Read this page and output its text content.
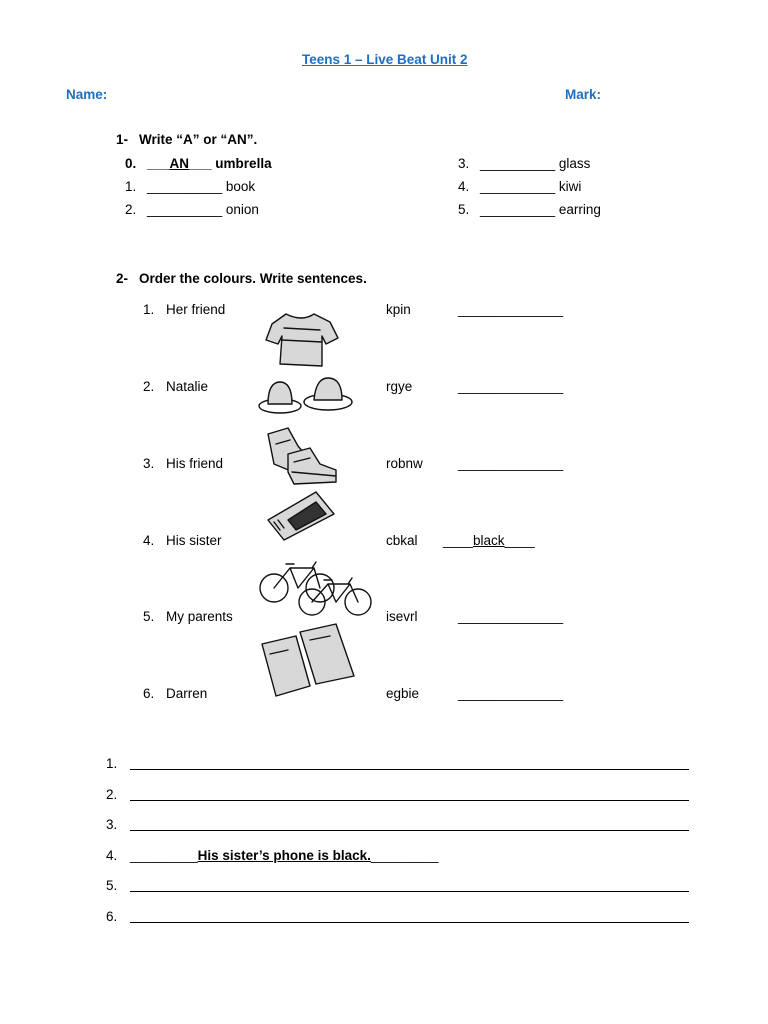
Teens 1 – Live Beat Unit 2
Name:	Mark:
1- Write “A” or “AN”.
0. ___AN___ umbrella
1. __________ book
2. __________ onion
3. __________ glass
4. __________ kiwi
5. __________ earring
2- Order the colours. Write sentences.
1. Her friend	kpin	______________
2. Natalie	rgye	______________
3. His friend	robnw	______________
4. His sister	cbkal ____black____
5. My parents	isevrl	______________
6. Darren	egbie	______________
1.
2.
3.
4. _________His sister’s phone is black._________
5.
6.
